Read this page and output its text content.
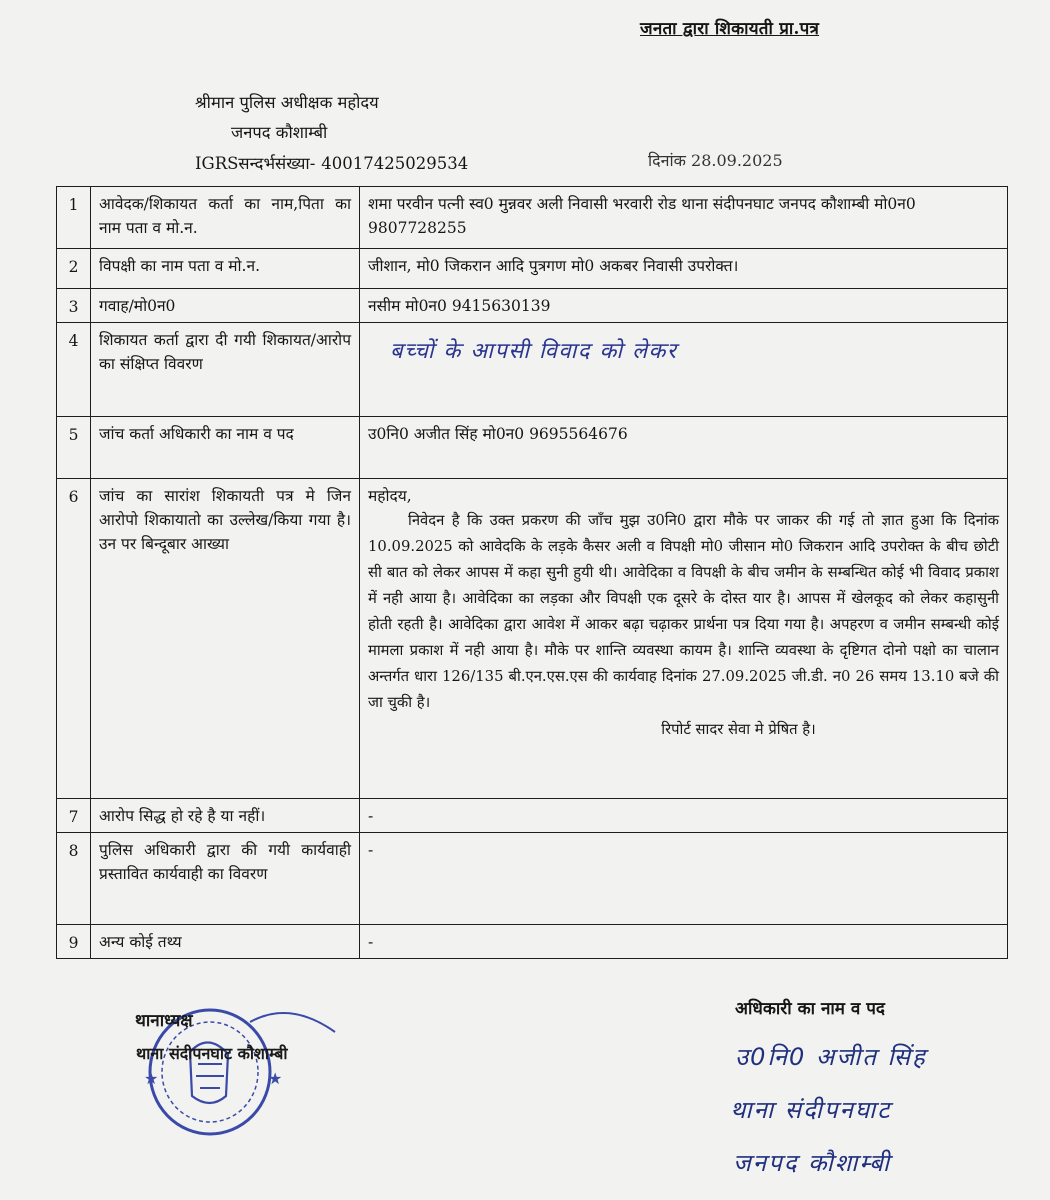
जनता द्वारा शिकायती प्रा.पत्र
श्रीमान पुलिस अधीक्षक महोदय
जनपद कौशाम्बी
IGRSसन्दर्भसंख्या- 40017425029534	दिनांक 28.09.2025
1	आवेदक/शिकायत कर्ता का नाम,पिता का नाम पता व मो.न.	शमा परवीन पत्नी स्व0 मुन्नवर अली निवासी भरवारी रोड थाना संदीपनघाट जनपद कौशाम्बी मो0न0 9807728255
2	विपक्षी का नाम पता व मो.न.	जीशान, मो0 जिकरान आदि पुत्रगण मो0 अकबर निवासी उपरोक्त।
3	गवाह/मो0न0	नसीम मो0न0 9415630139
4	शिकायत कर्ता द्वारा दी गयी शिकायत/आरोप का संक्षिप्त विवरण	बच्चों के आपसी विवाद को लेकर

5	जांच कर्ता अधिकारी का नाम व पद	उ0नि0 अजीत सिंह मो0न0 9695564676
6	जांच का सारांश शिकायती पत्र मे जिन आरोपो शिकायातो का उल्लेख/किया गया है। उन पर बिन्दूबार आख्या	महोदय,

निवेदन है कि उक्त प्रकरण की जाँच मुझ उ0नि0 द्वारा मौके पर जाकर की गई तो ज्ञात हुआ कि दिनांक 10.09.2025 को आवेदकि के लड़के कैसर अली व विपक्षी मो0 जीसान मो0 जिकरान आदि उपरोक्त के बीच छोटी सी बात को लेकर आपस में कहा सुनी हुयी थी। आवेदिका व विपक्षी के बीच जमीन के सम्बन्धित कोई भी विवाद प्रकाश में नही आया है। आवेदिका का लड़का और विपक्षी एक दूसरे के दोस्त यार है। आपस में खेलकूद को लेकर कहासुनी होती रहती है। आवेदिका द्वारा आवेश में आकर बढ़ा चढ़ाकर प्रार्थना पत्र दिया गया है। अपहरण व जमीन सम्बन्धी कोई मामला प्रकाश में नही आया है। मौके पर शान्ति व्यवस्था कायम है। शान्ति व्यवस्था के दृष्टिगत दोनो पक्षो का चालान अन्तर्गत धारा 126/135 बी.एन.एस.एस की कार्यवाह दिनांक 27.09.2025 जी.डी. न0 26 समय 13.10 बजे की जा चुकी है।

रिपोर्ट सादर सेवा मे प्रेषित है।

7	आरोप सिद्ध हो रहे है या नहीं।	-
8	पुलिस अधिकारी द्वारा की गयी कार्यवाही प्रस्तावित कार्यवाही का विवरण	-
9	अन्य कोई तथ्य	-
★	★
थानाध्यक्ष
थाना संदीपनघाट कौशाम्बी
अधिकारी का नाम व पद
उ0नि0 अजीत सिंह
थाना संदीपनघाट
जनपद कौशाम्बी
